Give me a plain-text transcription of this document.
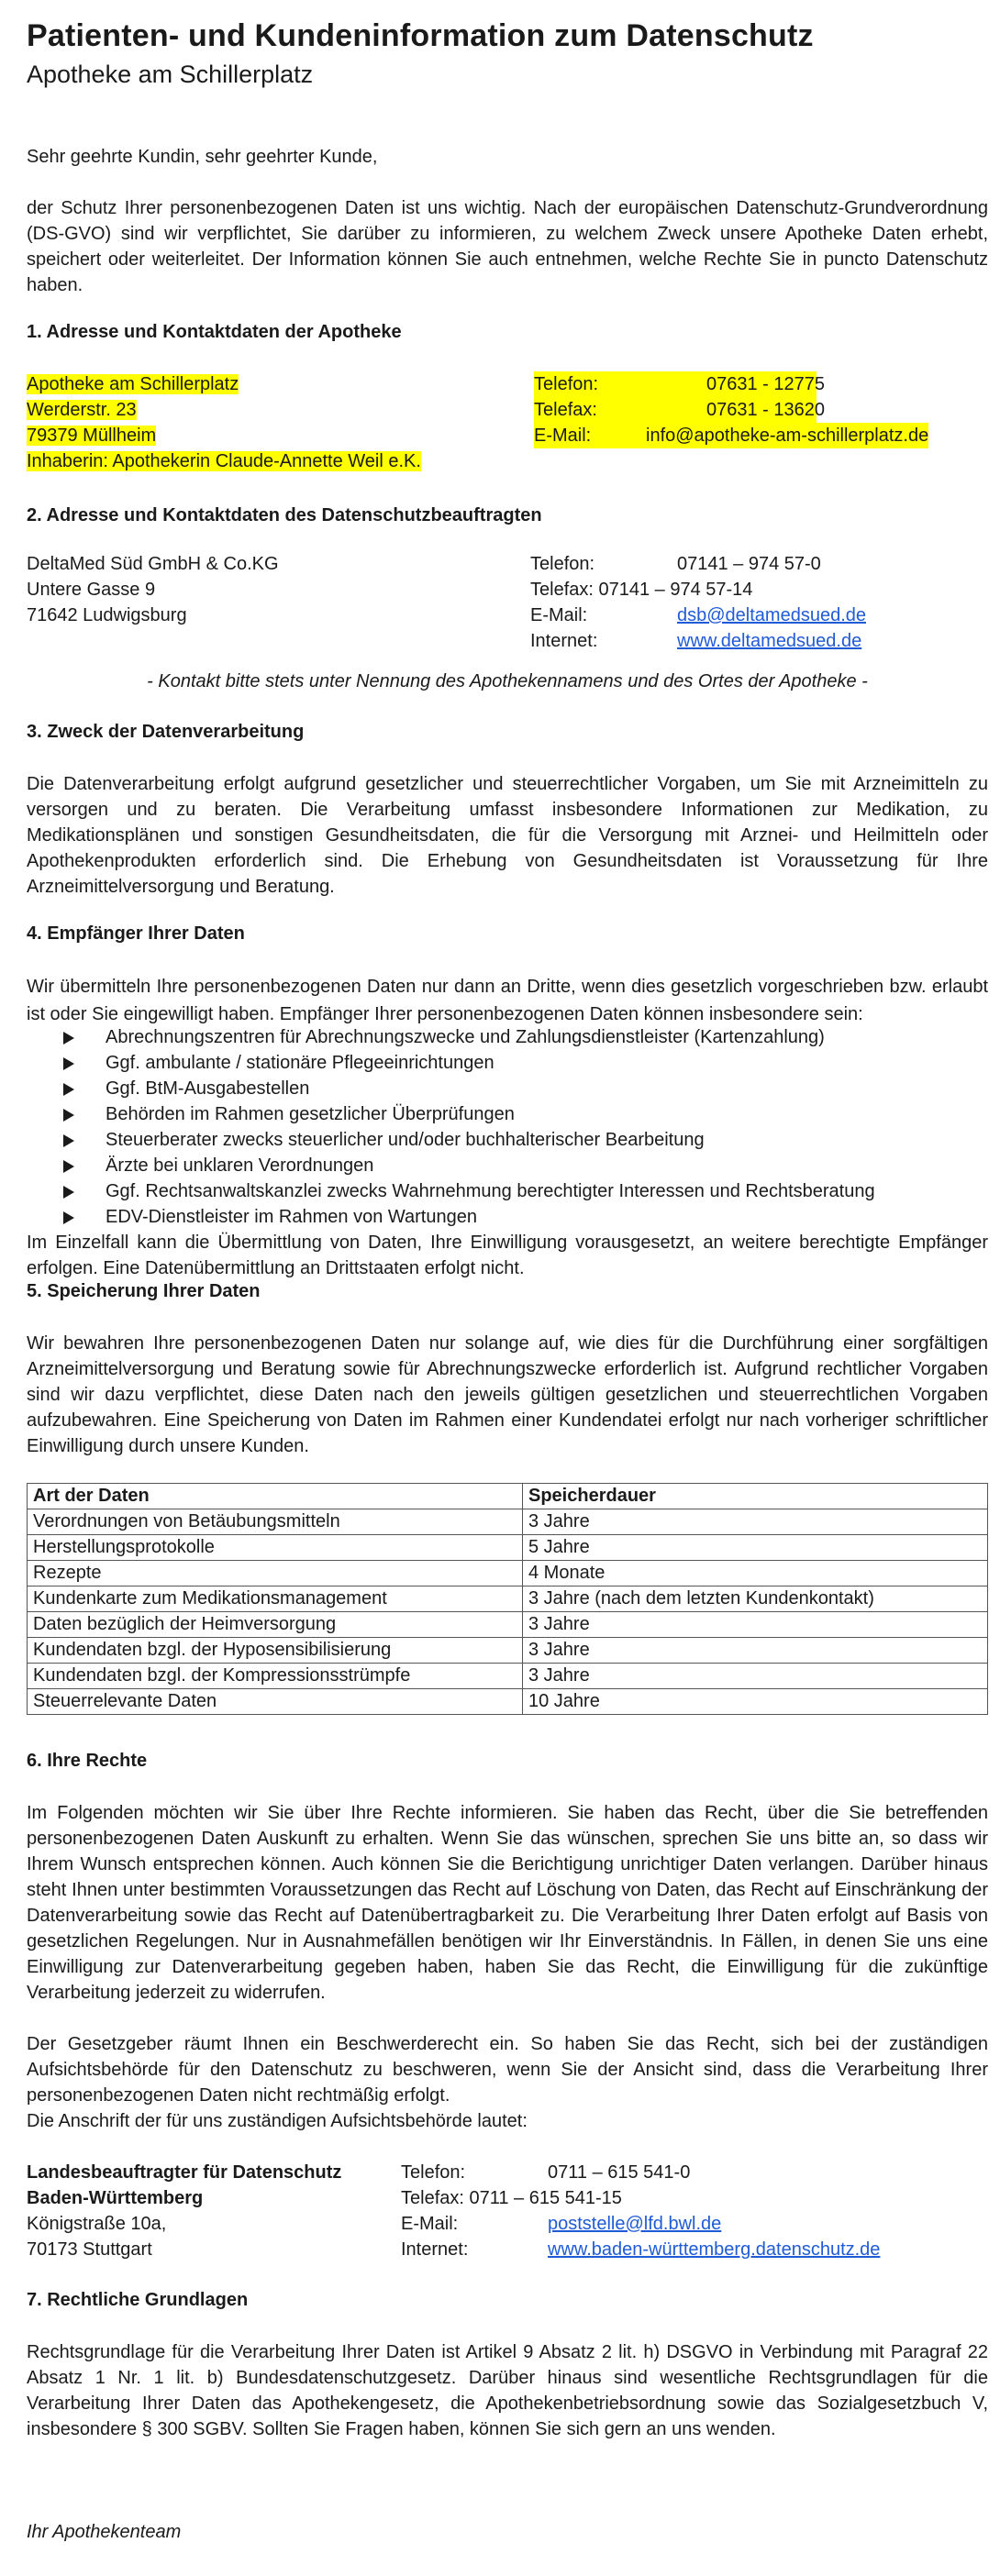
Patienten- und Kundeninformation zum Datenschutz
Apotheke am Schillerplatz
Sehr geehrte Kundin, sehr geehrter Kunde,
der Schutz Ihrer personenbezogenen Daten ist uns wichtig. Nach der europäischen Datenschutz-Grundverordnung (DS-GVO) sind wir verpflichtet, Sie darüber zu informieren, zu welchem Zweck unsere Apotheke Daten erhebt, speichert oder weiterleitet. Der Information können Sie auch entnehmen, welche Rechte Sie in puncto Datenschutz haben.
1. Adresse und Kontaktdaten der Apotheke
Apotheke am Schillerplatz
Werderstr. 23
79379 Müllheim
Inhaberin: Apothekerin Claude-Annette Weil e.K.
Telefon:	07631 - 12775
Telefax:	07631 - 13620
E-Mail:	info@apotheke-am-schillerplatz.de
2. Adresse und Kontaktdaten des Datenschutzbeauftragten
DeltaMed Süd GmbH & Co.KG
Untere Gasse 9
71642 Ludwigsburg
Telefon:	07141 – 974 57-0
Telefax: 07141 – 974 57-14
E-Mail:	dsb@deltamedsued.de
Internet:	www.deltamedsued.de
- Kontakt bitte stets unter Nennung des Apothekennamens und des Ortes der Apotheke -
3. Zweck der Datenverarbeitung
Die Datenverarbeitung erfolgt aufgrund gesetzlicher und steuerrechtlicher Vorgaben, um Sie mit Arzneimitteln zu versorgen und zu beraten. Die Verarbeitung umfasst insbesondere Informationen zur Medikation, zu Medikationsplänen und sonstigen Gesundheitsdaten, die für die Versorgung mit Arznei- und Heilmitteln oder Apothekenprodukten erforderlich sind. Die Erhebung von Gesundheitsdaten ist Voraussetzung für Ihre Arzneimittelversorgung und Beratung.
4. Empfänger Ihrer Daten
Wir übermitteln Ihre personenbezogenen Daten nur dann an Dritte, wenn dies gesetzlich vorgeschrieben bzw. erlaubt ist oder Sie eingewilligt haben. Empfänger Ihrer personenbezogenen Daten können insbesondere sein:
Abrechnungszentren für Abrechnungszwecke und Zahlungsdienstleister (Kartenzahlung)
Ggf. ambulante / stationäre Pflegeeinrichtungen
Ggf. BtM-Ausgabestellen
Behörden im Rahmen gesetzlicher Überprüfungen
Steuerberater zwecks steuerlicher und/oder buchhalterischer Bearbeitung
Ärzte bei unklaren Verordnungen
Ggf. Rechtsanwaltskanzlei zwecks Wahrnehmung berechtigter Interessen und Rechtsberatung
EDV-Dienstleister im Rahmen von Wartungen
Im Einzelfall kann die Übermittlung von Daten, Ihre Einwilligung vorausgesetzt, an weitere berechtigte Empfänger erfolgen. Eine Datenübermittlung an Drittstaaten erfolgt nicht.
5. Speicherung Ihrer Daten
Wir bewahren Ihre personenbezogenen Daten nur solange auf, wie dies für die Durchführung einer sorgfältigen Arzneimittelversorgung und Beratung sowie für Abrechnungszwecke erforderlich ist. Aufgrund rechtlicher Vorgaben sind wir dazu verpflichtet, diese Daten nach den jeweils gültigen gesetzlichen und steuerrechtlichen Vorgaben aufzubewahren. Eine Speicherung von Daten im Rahmen einer Kundendatei erfolgt nur nach vorheriger schriftlicher Einwilligung durch unsere Kunden.
Art der Daten	Speicherdauer
Verordnungen von Betäubungsmitteln	3 Jahre
Herstellungsprotokolle	5 Jahre
Rezepte	4 Monate
Kundenkarte zum Medikationsmanagement	3 Jahre (nach dem letzten Kundenkontakt)
Daten bezüglich der Heimversorgung	3 Jahre
Kundendaten bzgl. der Hyposensibilisierung	3 Jahre
Kundendaten bzgl. der Kompressionsstrümpfe	3 Jahre
Steuerrelevante Daten	10 Jahre
6. Ihre Rechte
Im Folgenden möchten wir Sie über Ihre Rechte informieren. Sie haben das Recht, über die Sie betreffenden personenbezogenen Daten Auskunft zu erhalten. Wenn Sie das wünschen, sprechen Sie uns bitte an, so dass wir Ihrem Wunsch entsprechen können. Auch können Sie die Berichtigung unrichtiger Daten verlangen. Darüber hinaus steht Ihnen unter bestimmten Voraussetzungen das Recht auf Löschung von Daten, das Recht auf Einschränkung der Datenverarbeitung sowie das Recht auf Datenübertragbarkeit zu. Die Verarbeitung Ihrer Daten erfolgt auf Basis von gesetzlichen Regelungen. Nur in Ausnahmefällen benötigen wir Ihr Einverständnis. In Fällen, in denen Sie uns eine Einwilligung zur Datenverarbeitung gegeben haben, haben Sie das Recht, die Einwilligung für die zukünftige Verarbeitung jederzeit zu widerrufen.
Der Gesetzgeber räumt Ihnen ein Beschwerderecht ein. So haben Sie das Recht, sich bei der zuständigen Aufsichtsbehörde für den Datenschutz zu beschweren, wenn Sie der Ansicht sind, dass die Verarbeitung Ihrer personenbezogenen Daten nicht rechtmäßig erfolgt.
Die Anschrift der für uns zuständigen Aufsichtsbehörde lautet:
Landesbeauftragter für Datenschutz
Baden-Württemberg
Königstraße 10a,
70173 Stuttgart
Telefon:	0711 – 615 541-0
Telefax: 0711 – 615 541-15
E-Mail:	poststelle@lfd.bwl.de
Internet:	www.baden-württemberg.datenschutz.de
7. Rechtliche Grundlagen
Rechtsgrundlage für die Verarbeitung Ihrer Daten ist Artikel 9 Absatz 2 lit. h) DSGVO in Verbindung mit Paragraf 22 Absatz 1 Nr. 1 lit. b) Bundesdatenschutzgesetz. Darüber hinaus sind wesentliche Rechtsgrundlagen für die Verarbeitung Ihrer Daten das Apothekengesetz, die Apothekenbetriebsordnung sowie das Sozialgesetzbuch V, insbesondere § 300 SGBV. Sollten Sie Fragen haben, können Sie sich gern an uns wenden.
Ihr Apothekenteam
